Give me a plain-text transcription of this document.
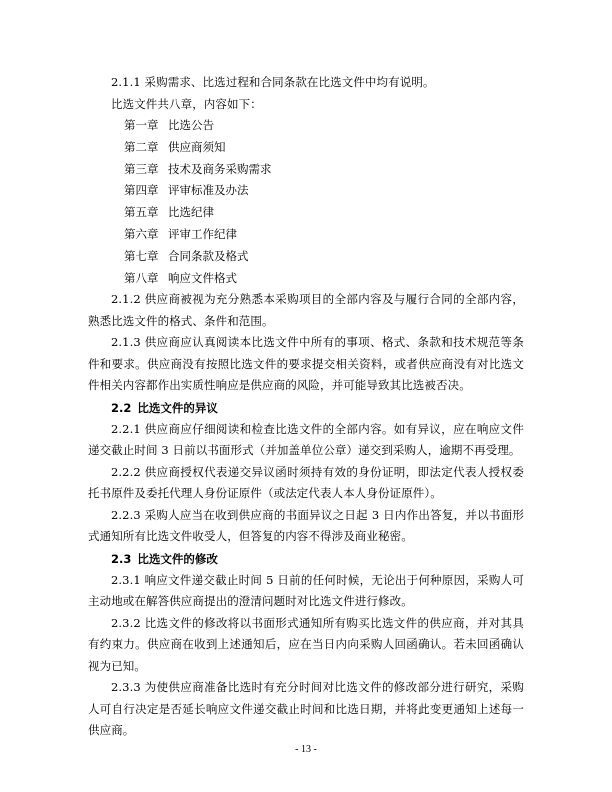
2.1.1 采购需求、比选过程和合同条款在比选文件中均有说明。

比选文件共八章，内容如下：

第一章 比选公告
第二章 供应商须知
第三章 技术及商务采购需求
第四章 评审标准及办法
第五章 比选纪律
第六章 评审工作纪律
第七章 合同条款及格式
第八章 响应文件格式

2.1.2 供应商被视为充分熟悉本采购项目的全部内容及与履行合同的全部内容，熟悉比选文件的格式、条件和范围。

2.1.3 供应商应认真阅读本比选文件中所有的事项、格式、条款和技术规范等条件和要求。供应商没有按照比选文件的要求提交相关资料，或者供应商没有对比选文件相关内容都作出实质性响应是供应商的风险，并可能导致其比选被否决。

2.2 比选文件的异议

2.2.1 供应商应仔细阅读和检查比选文件的全部内容。如有异议，应在响应文件递交截止时间 3 日前以书面形式（并加盖单位公章）递交到采购人，逾期不再受理。

2.2.2 供应商授权代表递交异议函时须持有效的身份证明，即法定代表人授权委托书原件及委托代理人身份证原件（或法定代表人本人身份证原件）。

2.2.3 采购人应当在收到供应商的书面异议之日起 3 日内作出答复，并以书面形式通知所有比选文件收受人，但答复的内容不得涉及商业秘密。

2.3 比选文件的修改

2.3.1 响应文件递交截止时间 5 日前的任何时候，无论出于何种原因，采购人可主动地或在解答供应商提出的澄清问题时对比选文件进行修改。

2.3.2 比选文件的修改将以书面形式通知所有购买比选文件的供应商，并对其具有约束力。供应商在收到上述通知后，应在当日内向采购人回函确认。若未回函确认视为已知。

2.3.3 为使供应商准备比选时有充分时间对比选文件的修改部分进行研究，采购人可自行决定是否延长响应文件递交截止时间和比选日期，并将此变更通知上述每一供应商。

- 13 -
